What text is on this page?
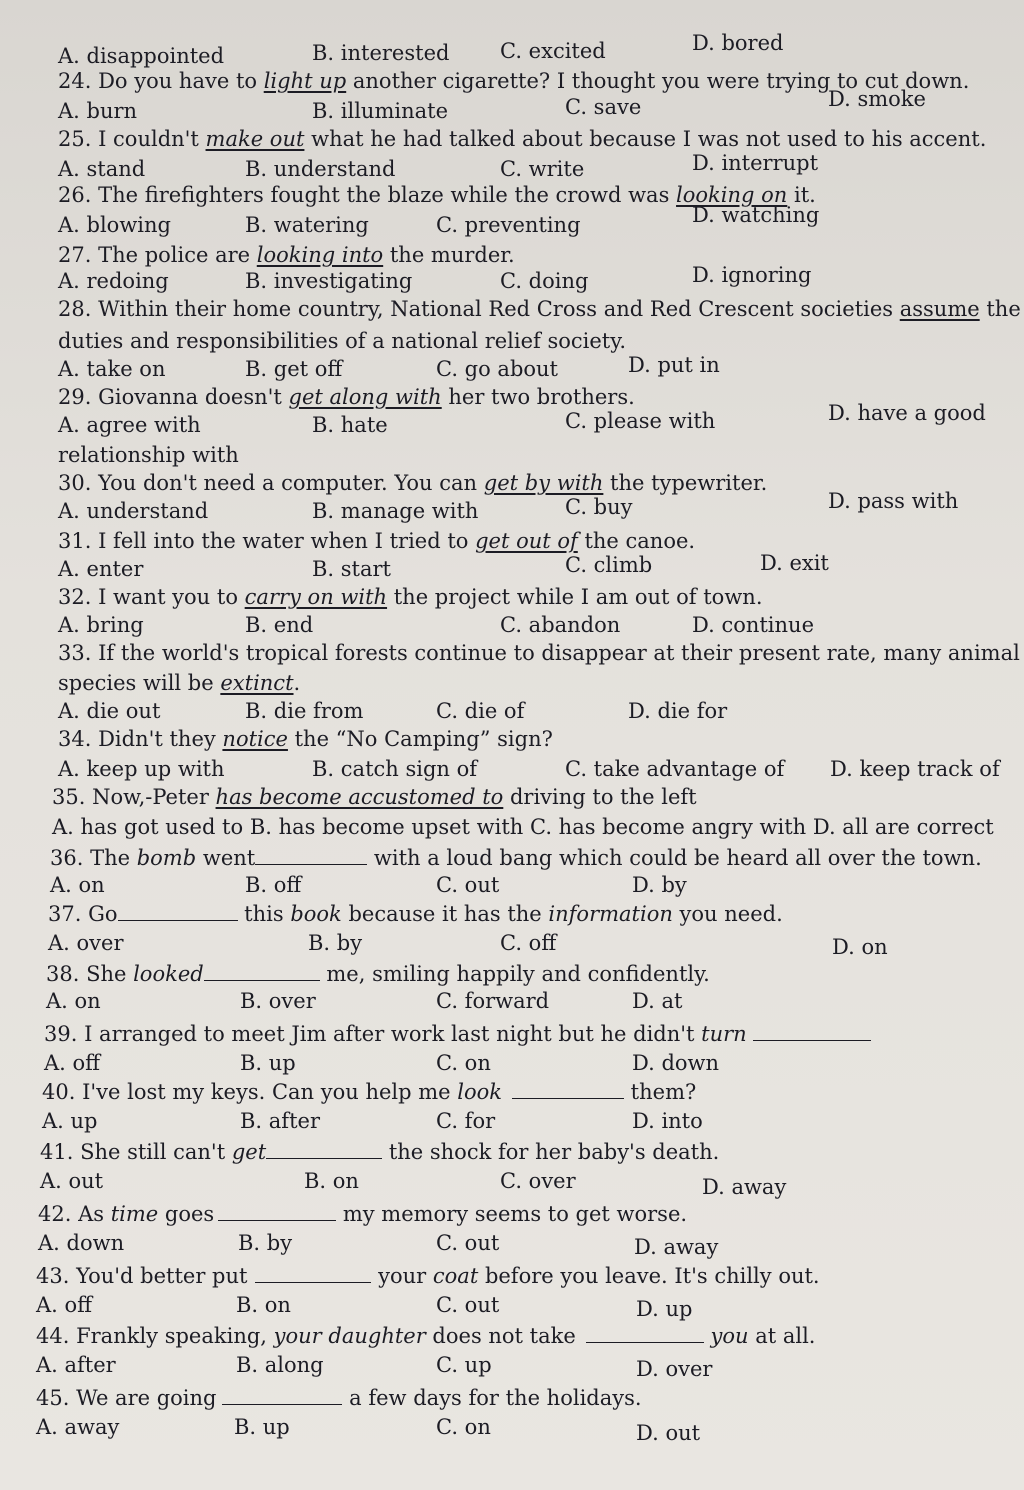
A. disappointed	B. interested C. excited	D. bored
24. Do you have to light up another cigarette? I thought you were trying to cut down.
A. burn	B. illuminate	C. save	D. smoke
25. I couldn't make out what he had talked about because I was not used to his accent.
A. stand	B. understand	C. write	D. interrupt
26. The firefighters fought the blaze while the crowd was looking on it.
A. blowing	B. watering	C. preventing	D. watching
27. The police are looking into the murder.
A. redoing	B. investigating	C. doing	D. ignoring
28. Within their home country, National Red Cross and Red Crescent societies assume the
duties and responsibilities of a national relief society.
A. take on	B. get off	C. go about	D. put in
29. Giovanna doesn't get along with her two brothers.
A. agree with	B. hate	C. please with	D. have a good
relationship with
30. You don't need a computer. You can get by with the typewriter.
A. understand	B. manage with	C. buy	D. pass with
31. I fell into the water when I tried to get out of the canoe.
A. enter	B. start	C. climb	D. exit
32. I want you to carry on with the project while I am out of town.
A. bring	B. end	C. abandon	D. continue
33. If the world's tropical forests continue to disappear at their present rate, many animal
species will be extinct.
A. die out	B. die from	C. die of	D. die for
34. Didn't they notice the “No Camping” sign?
A. keep up with	B. catch sign of	C. take advantage of D. keep track of
35. Now,-Peter has become accustomed to driving to the left
A. has got used to B. has become upset with C. has become angry with D. all are correct
36. The bomb went	with a loud bang which could be heard all over the town.
A. on	B. off	C. out	D. by
37. Go	this book because it has the information you need.
A. over	B. by	C. off	D. on
38. She looked	me, smiling happily and confidently.
A. on	B. over	C. forward	D. at
39. I arranged to meet Jim after work last night but he didn't turn
A. off	B. up	C. on	D. down
40. I've lost my keys. Can you help me look	them?
A. up	B. after	C. for	D. into
41. She still can't get	the shock for her baby's death.
A. out	B. on	C. over	D. away
42. As time goes	my memory seems to get worse.
A. down	B. by	C. out	D. away
43. You'd better put	your coat before you leave. It's chilly out.
A. off	B. on	C. out	D. up
44. Frankly speaking, your daughter does not take	you at all.
A. after	B. along	C. up	D. over
45. We are going	a few days for the holidays.
A. away	B. up	C. on	D. out
